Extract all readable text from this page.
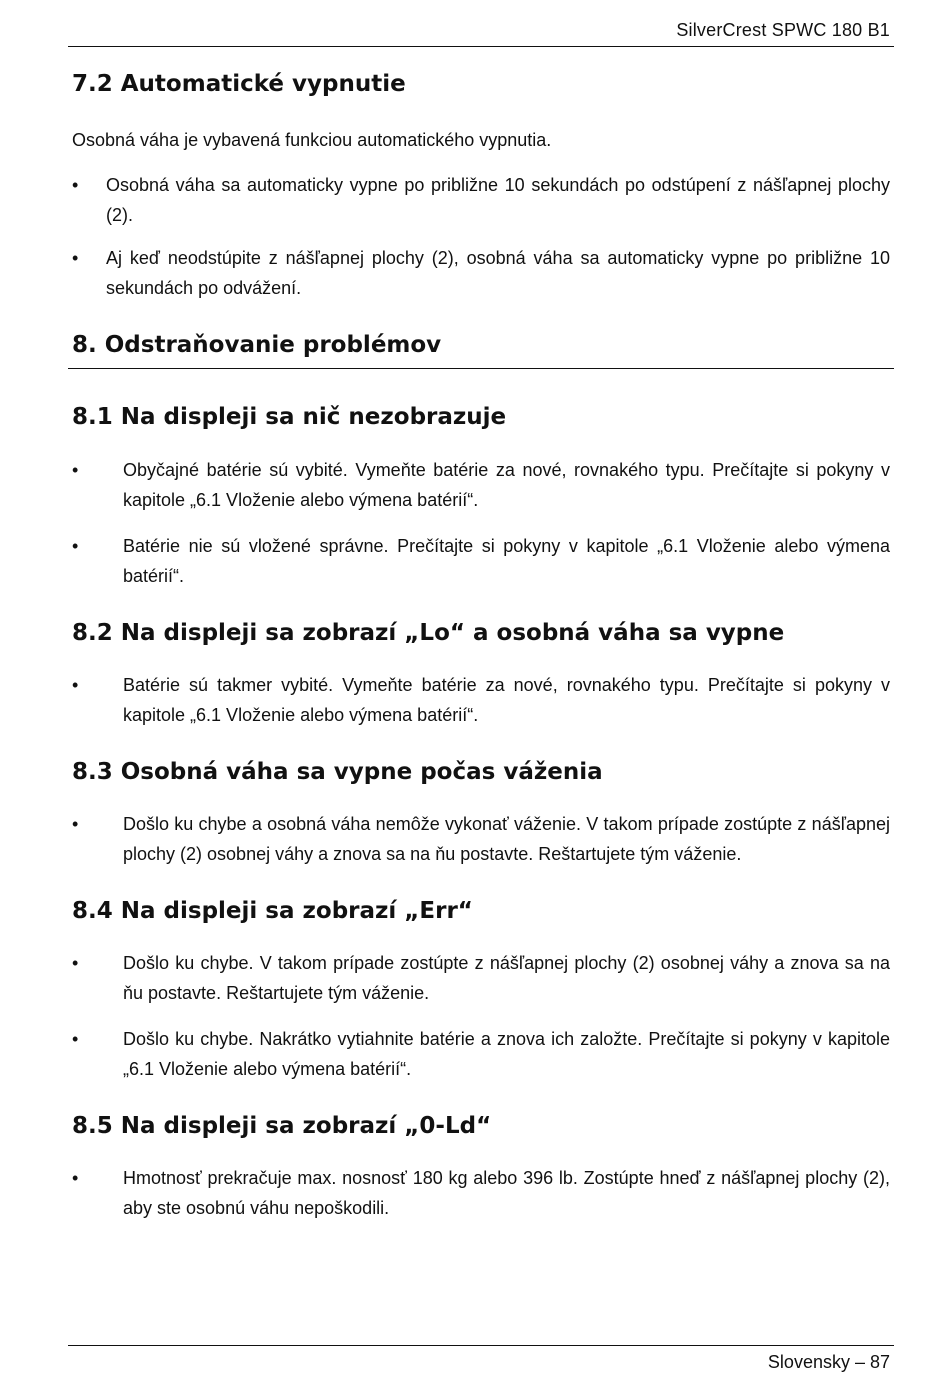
SilverCrest SPWC 180 B1
7.2 Automatické vypnutie

Osobná váha je vybavená funkciou automatického vypnutia.

• Osobná váha sa automaticky vypne po približne 10 sekundách po odstúpení z nášľapnej plochy (2).
• Aj keď neodstúpite z nášľapnej plochy (2), osobná váha sa automaticky vypne po približne 10 sekundách po odvážení.
8. Odstraňovanie problémov
8.1 Na displeji sa nič nezobrazuje
• Obyčajné batérie sú vybité. Vymeňte batérie za nové, rovnakého typu. Prečítajte si pokyny v kapitole „6.1 Vloženie alebo výmena batérií“.
• Batérie nie sú vložené správne. Prečítajte si pokyny v kapitole „6.1 Vloženie alebo výmena batérií“.
8.2 Na displeji sa zobrazí „Lo“ a osobná váha sa vypne
• Batérie sú takmer vybité. Vymeňte batérie za nové, rovnakého typu. Prečítajte si pokyny v kapitole „6.1 Vloženie alebo výmena batérií“.
8.3 Osobná váha sa vypne počas váženia
• Došlo ku chybe a osobná váha nemôže vykonať váženie. V takom prípade zostúpte z nášľapnej plochy (2) osobnej váhy a znova sa na ňu postavte. Reštartujete tým váženie.
8.4 Na displeji sa zobrazí „Err“
• Došlo ku chybe. V takom prípade zostúpte z nášľapnej plochy (2) osobnej váhy a znova sa na ňu postavte. Reštartujete tým váženie.
• Došlo ku chybe. Nakrátko vytiahnite batérie a znova ich založte. Prečítajte si pokyny v kapitole „6.1 Vloženie alebo výmena batérií“.
8.5 Na displeji sa zobrazí „0-Ld“
• Hmotnosť prekračuje max. nosnosť 180 kg alebo 396 lb. Zostúpte hneď z nášľapnej plochy (2), aby ste osobnú váhu nepoškodili.
Slovensky – 87
